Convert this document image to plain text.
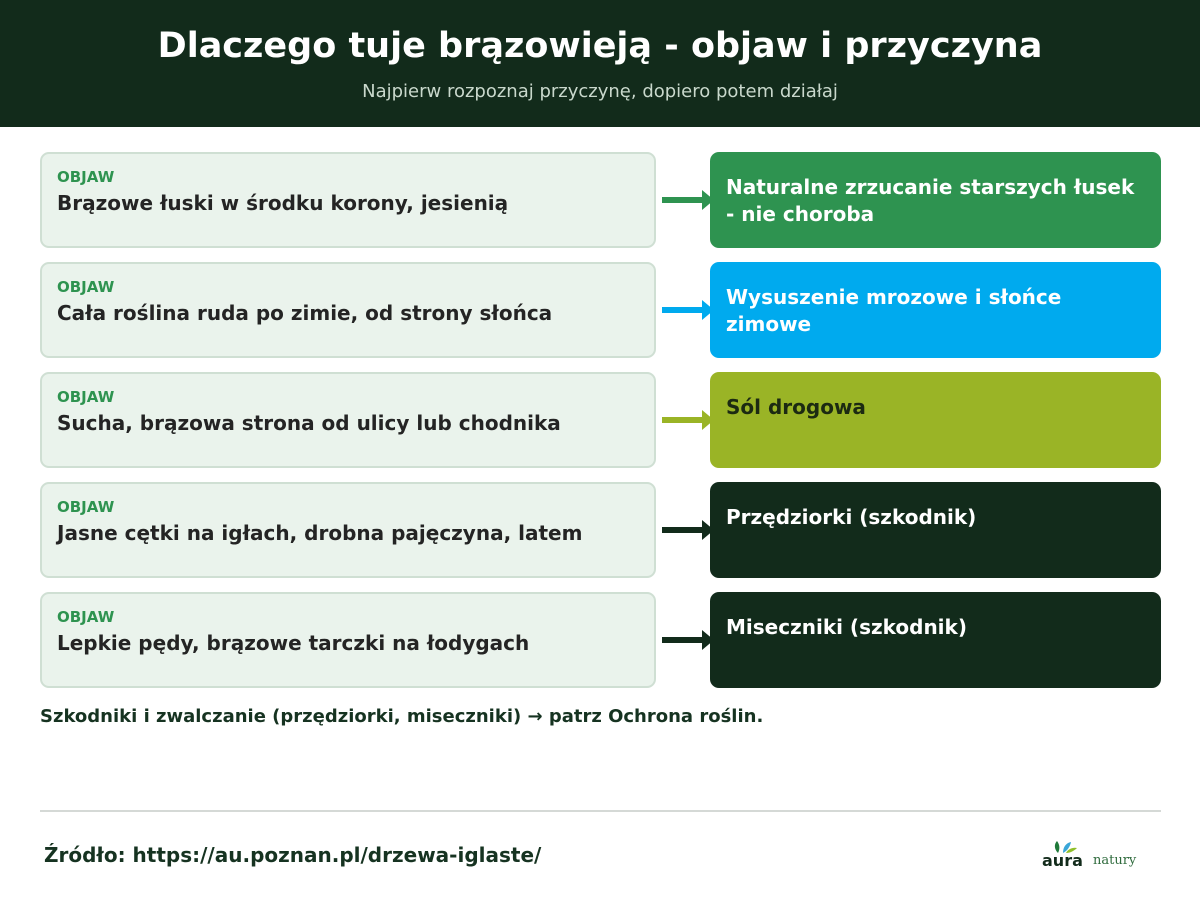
Dlaczego tuje brązowieją - objaw i przyczyna
Najpierw rozpoznaj przyczynę, dopiero potem działaj
OBJAW
Brązowe łuski w środku korony, jesienią
Naturalne zrzucanie starszych łusek - nie choroba
OBJAW
Cała roślina ruda po zimie, od strony słońca
Wysuszenie mrozowe i słońce zimowe
OBJAW
Sucha, brązowa strona od ulicy lub chodnika
Sól drogowa
OBJAW
Jasne cętki na igłach, drobna pajęczyna, latem
Przędziorki (szkodnik)
OBJAW
Lepkie pędy, brązowe tarczki na łodygach
Miseczniki (szkodnik)
Szkodniki i zwalczanie (przędziorki, miseczniki) → patrz Ochrona roślin.
Źródło: https://au.poznan.pl/drzewa-iglaste/	aura natury
